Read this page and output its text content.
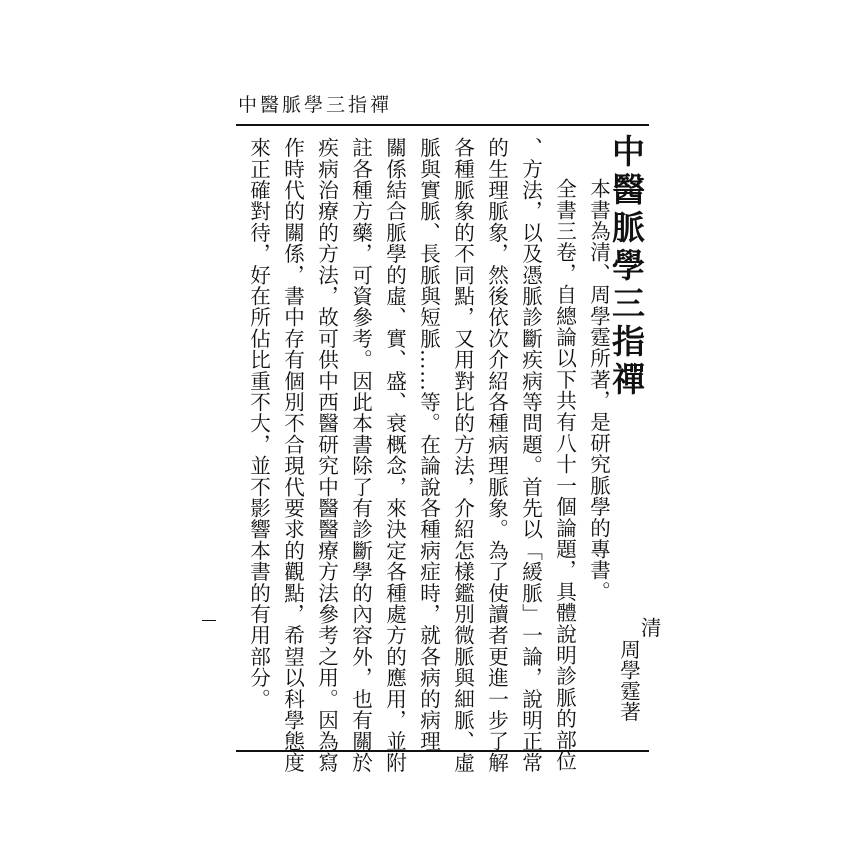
中醫脈學三指禪
中醫脈學三指禪
清
周學霆著
本書為清、周學霆所著，是研究脈學的專書。
全書三卷，自總論以下共有八十一個論題，具體說明診脈的部位
、方法，以及憑脈診斷疾病等問題。首先以「緩脈」一論，說明正常
的生理脈象，然後依次介紹各種病理脈象。為了使讀者更進一步了解
各種脈象的不同點，又用對比的方法，介紹怎樣鑑別微脈與細脈、虛
脈與實脈、長脈與短脈……等。在論說各種病症時，就各病的病理
關係結合脈學的虛、實、盛、衰概念，來決定各種處方的應用，並附
註各種方藥，可資參考。因此本書除了有診斷學的內容外，也有關於
疾病治療的方法，故可供中西醫研究中醫醫療方法參考之用。因為寫
作時代的關係，書中存有個別不合現代要求的觀點，希望以科學態度
來正確對待，好在所佔比重不大，並不影響本書的有用部分。
